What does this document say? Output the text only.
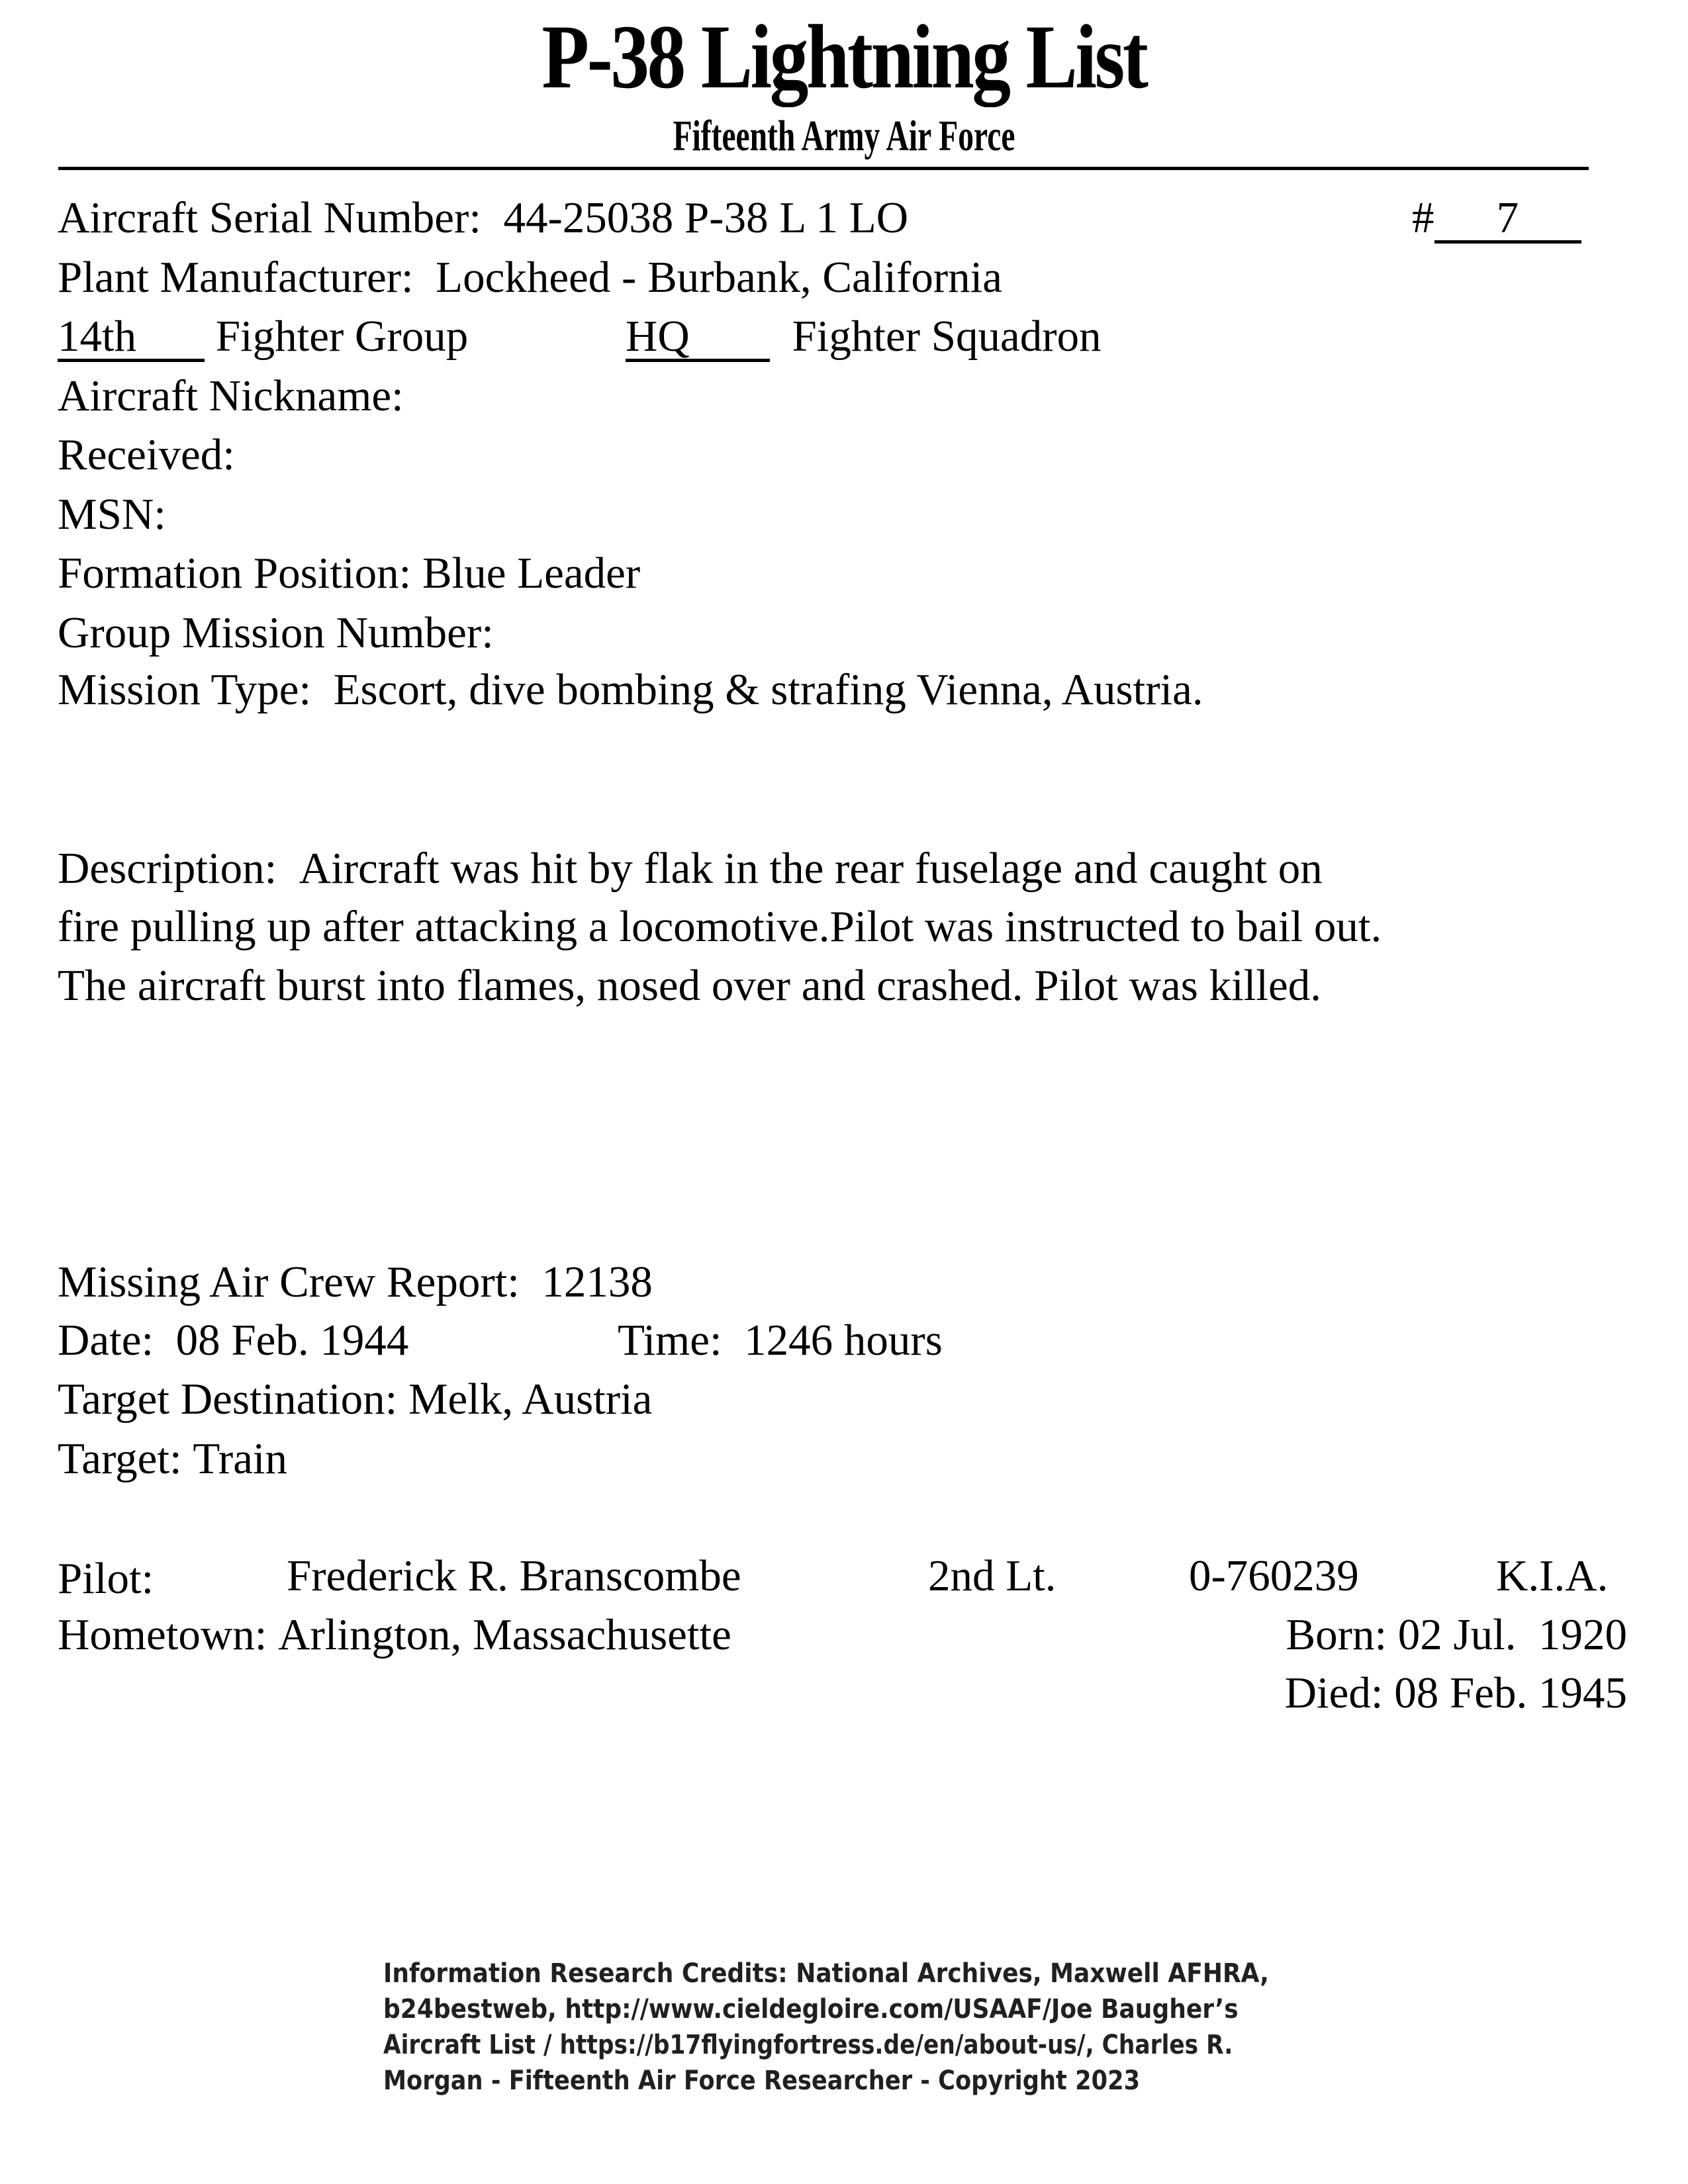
P-38 Lightning List
Fifteenth Army Air Force
Aircraft Serial Number: 44-25038 P-38 L 1 LO	# 7
Plant Manufacturer: Lockheed - Burbank, California
14th Fighter Group	HQ Fighter Squadron
Aircraft Nickname:
Received:
MSN:
Formation Position: Blue Leader
Group Mission Number:
Mission Type: Escort, dive bombing & strafing Vienna, Austria.
Description: Aircraft was hit by flak in the rear fuselage and caught on
fire pulling up after attacking a locomotive.Pilot was instructed to bail out.
The aircraft burst into flames, nosed over and crashed. Pilot was killed.
Missing Air Crew Report: 12138
Date: 08 Feb. 1944	Time: 1246 hours
Target Destination: Melk, Austria
Target: Train
Pilot:	Frederick R. Branscombe	2nd Lt.	0-760239	K.I.A.
Hometown: Arlington, Massachusette	Born: 02 Jul.  1920
Died: 08 Feb. 1945
Information Research Credits: National Archives, Maxwell AFHRA,
b24bestweb, http://www.cieldegloire.com/USAAF/Joe Baugher’s
Aircraft List / https://b17flyingfortress.de/en/about-us/, Charles R.
Morgan - Fifteenth Air Force Researcher - Copyright 2023
